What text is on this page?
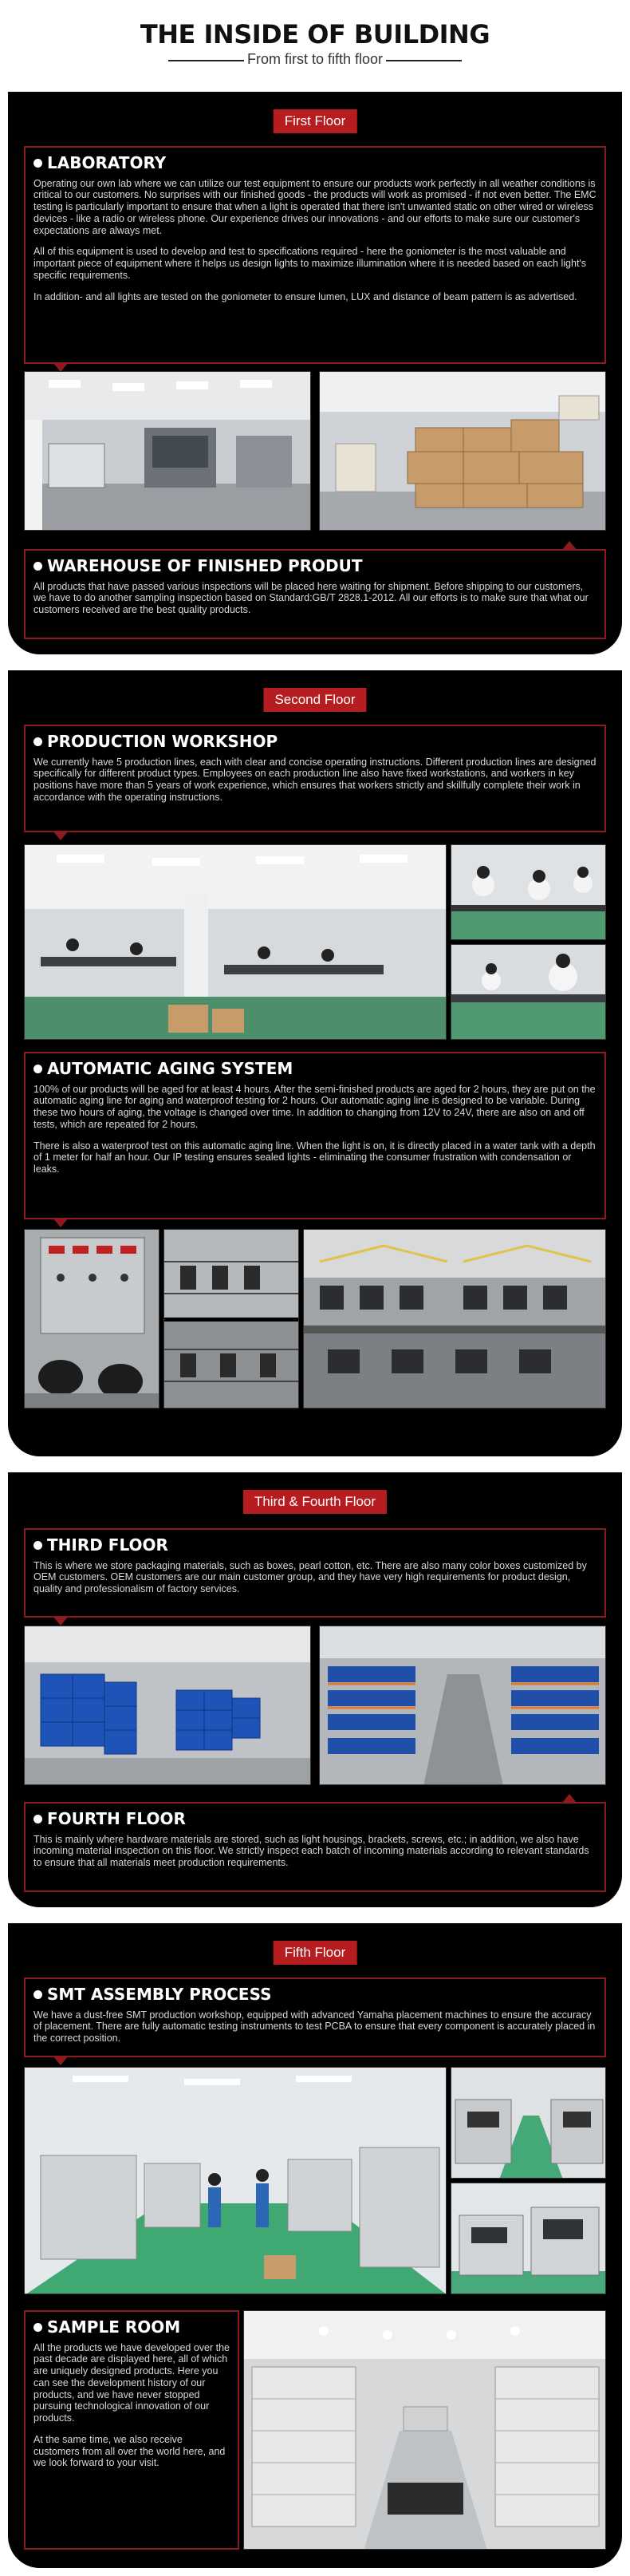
THE INSIDE OF BUILDING
From first to fifth floor
First Floor
LABORATORY

Operating our own lab where we can utilize our test equipment to ensure our products work perfectly in all weather conditions is critical to our customers. No surprises with our finished goods - the products will work as promised - if not even better. The EMC testing is particularly important to ensure that when a light is operated that there isn't unwanted static on other wired or wireless devices - like a radio or wireless phone. Our experience drives our innovations - and our efforts to make sure our customer's expectations are always met.

All of this equipment is used to develop and test to specifications required - here the goniometer is the most valuable and important piece of equipment where it helps us design lights to maximize illumination where it is needed based on each light's specific requirements.

In addition- and all lights are tested on the goniometer to ensure lumen, LUX and distance of beam pattern is as advertised.

WAREHOUSE OF FINISHED PRODUT

All products that have passed various inspections will be placed here waiting for shipment. Before shipping to our customers, we have to do another sampling inspection based on Standard:GB/T 2828.1-2012. All our efforts is to make sure that what our customers received are the best quality products.

Second Floor
PRODUCTION WORKSHOP

We currently have 5 production lines, each with clear and concise operating instructions. Different production lines are designed specifically for different product types. Employees on each production line also have fixed workstations, and workers in key positions have more than 5 years of work experience, which ensures that workers strictly and skillfully complete their work in accordance with the operating instructions.

AUTOMATIC AGING SYSTEM

100% of our products will be aged for at least 4 hours. After the semi-finished products are aged for 2 hours, they are put on the automatic aging line for aging and waterproof testing for 2 hours. Our automatic aging line is designed to be variable. During these two hours of aging, the voltage is changed over time. In addition to changing from 12V to 24V, there are also on and off tests, which are repeated for 2 hours.

There is also a waterproof test on this automatic aging line. When the light is on, it is directly placed in a water tank with a depth of 1 meter for half an hour. Our IP testing ensures sealed lights - eliminating the consumer frustration with condensation or leaks.

Third & Fourth Floor
THIRD FLOOR

This is where we store packaging materials, such as boxes, pearl cotton, etc. There are also many color boxes customized by OEM customers. OEM customers are our main customer group, and they have very high requirements for product design, quality and professionalism of factory services.

FOURTH FLOOR

This is mainly where hardware materials are stored, such as light housings, brackets, screws, etc.; in addition, we also have incoming material inspection on this floor. We strictly inspect each batch of incoming materials according to relevant standards to ensure that all materials meet production requirements.

Fifth Floor
SMT ASSEMBLY PROCESS

We have a dust-free SMT production workshop, equipped with advanced Yamaha placement machines to ensure the accuracy of placement. There are fully automatic testing instruments to test PCBA to ensure that every component is accurately placed in the correct position.

SAMPLE ROOM

All the products we have developed over the past decade are displayed here, all of which are uniquely designed products. Here you can see the development history of our products, and we have never stopped pursuing technological innovation of our products.

At the same time, we also receive customers from all over the world here, and we look forward to your visit.
